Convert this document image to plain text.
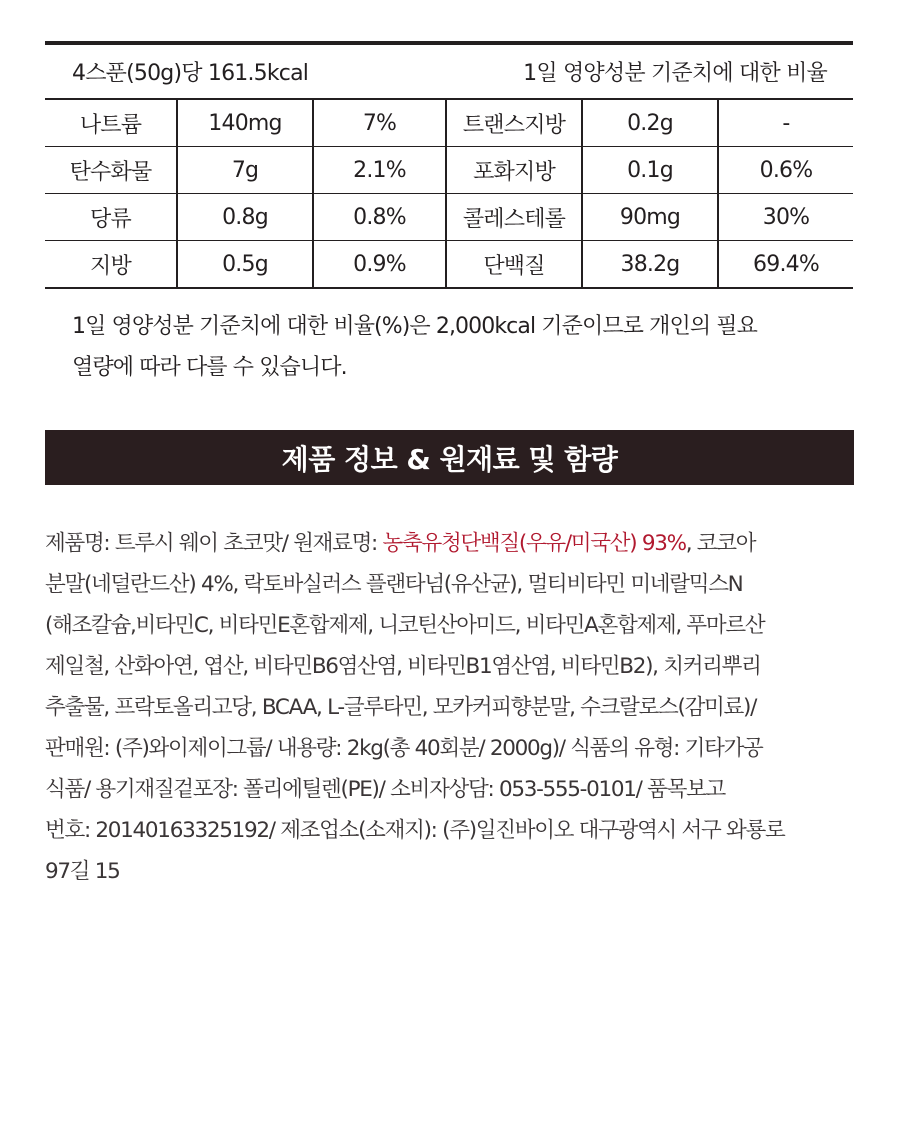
4스푼(50g)당 161.5kcal	1일 영양성분 기준치에 대한 비율
나트륨	140mg	7%	트랜스지방	0.2g	-
탄수화물	7g	2.1%	포화지방	0.1g	0.6%
당류	0.8g	0.8%	콜레스테롤	90mg	30%
지방	0.5g	0.9%	단백질	38.2g	69.4%

1일 영양성분 기준치에 대한 비율(%)은 2,000kcal 기준이므로 개인의 필요

열량에 따라 다를 수 있습니다.

제품 정보 & 원재료 및 함량

제품명: 트루시 웨이 초코맛/ 원재료명: 농축유청단백질(우유/미국산) 93%, 코코아

분말(네덜란드산) 4%, 락토바실러스 플랜타넘(유산균), 멀티비타민 미네랄믹스N

(해조칼슘,비타민C, 비타민E혼합제제, 니코틴산아미드, 비타민A혼합제제, 푸마르산

제일철, 산화아연, 엽산, 비타민B6염산염, 비타민B1염산염, 비타민B2), 치커리뿌리

추출물, 프락토올리고당, BCAA, L-글루타민, 모카커피향분말, 수크랄로스(감미료)/

판매원: (주)와이제이그룹/ 내용량: 2kg(총 40회분/ 2000g)/ 식품의 유형: 기타가공

식품/ 용기재질겉포장: 폴리에틸렌(PE)/ 소비자상담: 053-555-0101/ 품목보고

번호: 20140163325192/ 제조업소(소재지): (주)일진바이오 대구광역시 서구 와룡로

97길 15
